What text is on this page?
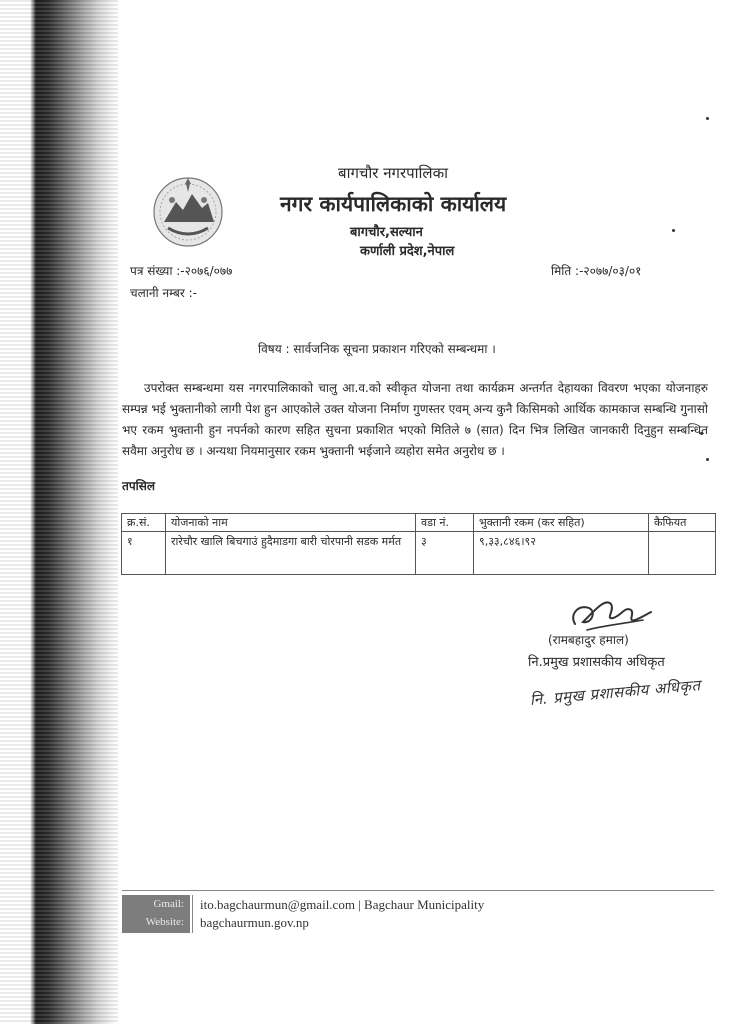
बागचौर नगरपालिका
नगर कार्यपालिकाको कार्यालय
बागचौर,सल्यान
कर्णाली प्रदेश,नेपाल
पत्र संख्या :-२०७६/०७७
चलानी नम्बर :-
मिति :-२०७७/०३/०१
विषय : सार्वजनिक सूचना प्रकाशन गरिएको सम्बन्धमा ।
उपरोक्त सम्बन्धमा यस नगरपालिकाको चालु आ.व.को स्वीकृत योजना तथा कार्यक्रम अन्तर्गत देहायका विवरण भएका योजनाहरु सम्पन्न भई भुक्तानीको लागी पेश हुन आएकोले उक्त योजना निर्माण गुणस्तर एवम् अन्य कुनै किसिमको आर्थिक कामकाज सम्बन्धि गुनासो भए रकम भुक्तानी हुन नपर्नको कारण सहित सुचना प्रकाशित भएको मितिले ७ (सात) दिन भित्र लिखित जानकारी दिनुहुन सम्बन्धित सवैमा अनुरोध छ । अन्यथा नियमानुसार रकम भुक्तानी भईजाने व्यहोरा समेत अनुरोध छ ।
तपसिल
क्र.सं.	योजनाको नाम	वडा नं.	भुक्तानी रकम (कर सहित)	कैफियत
१	रारेचौर खालि बिचगाउं हुदैमाडगा बारी चोरपानी सडक मर्मत	३	९,३३,८४६।९२	
(रामबहादुर हमाल)
नि.प्रमुख प्रशासकीय अधिकृत
नि. प्रमुख प्रशासकीय अधिकृत
Gmail:
Website:
ito.bagchaurmun@gmail.com | Bagchaur Municipality
bagchaurmun.gov.np
